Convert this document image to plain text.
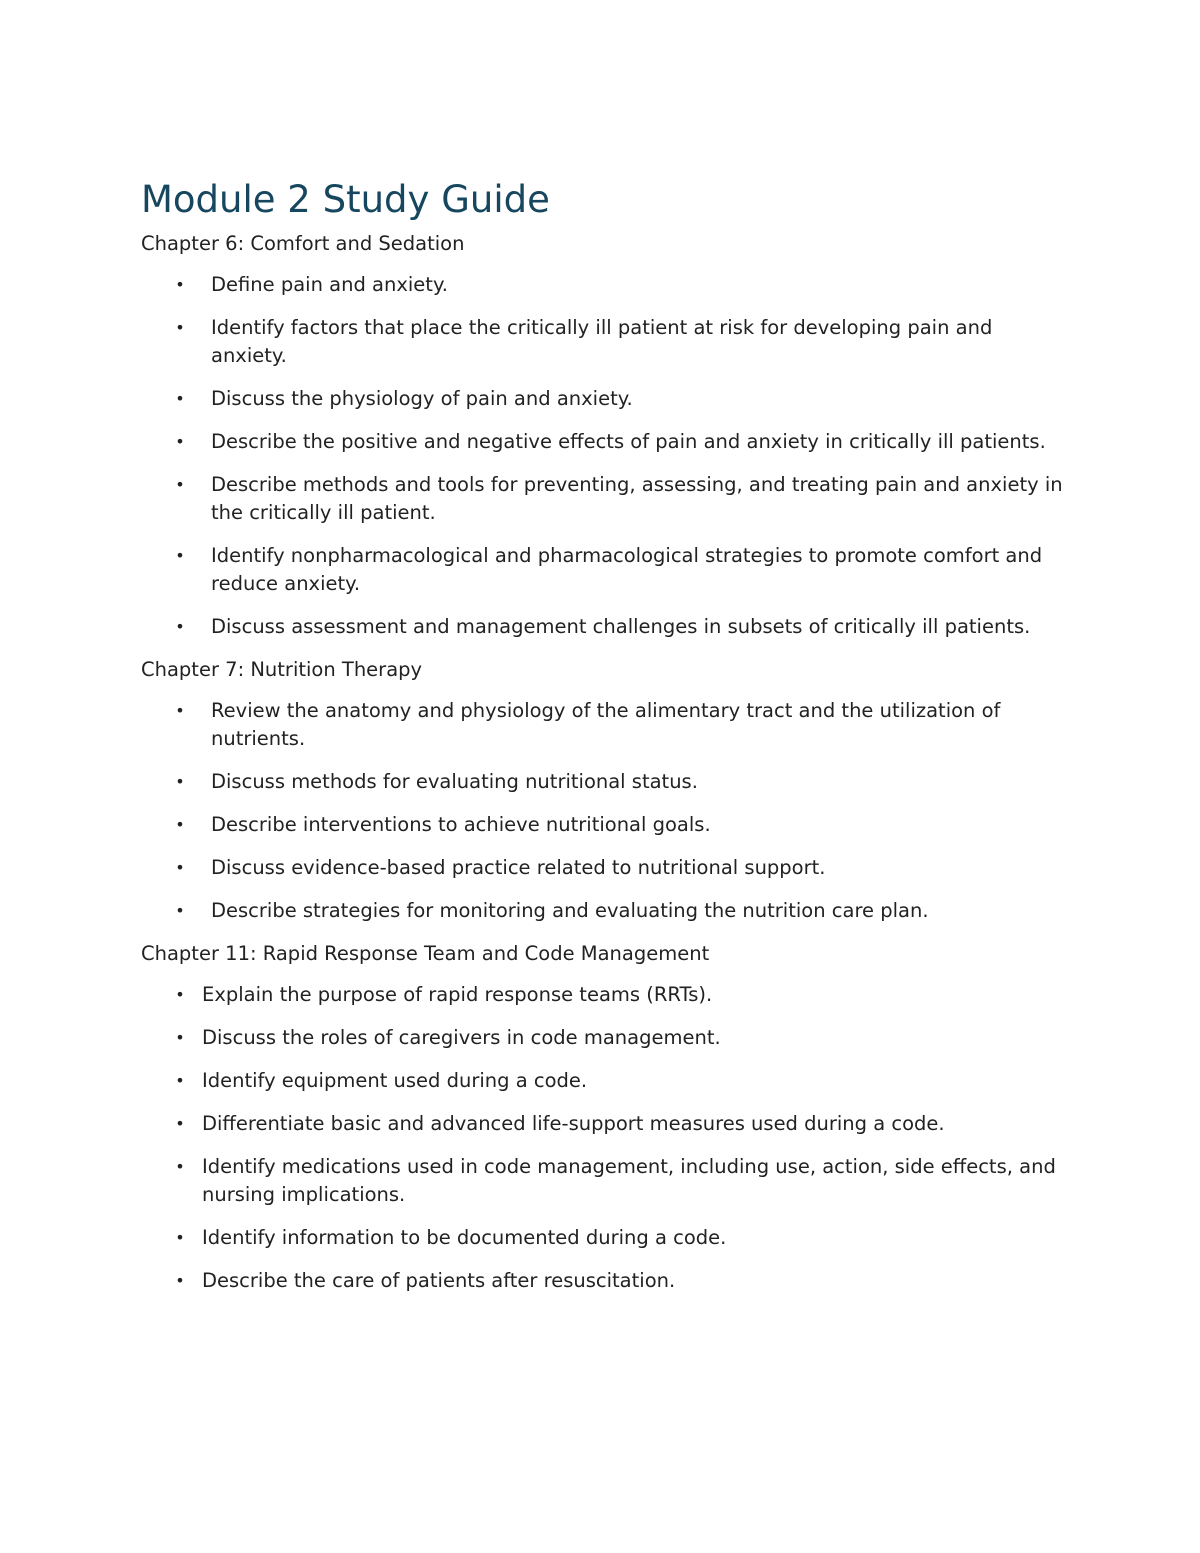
Module 2 Study Guide
Chapter 6: Comfort and Sedation
• Define pain and anxiety.
• Identify factors that place the critically ill patient at risk for developing pain and anxiety.
• Discuss the physiology of pain and anxiety.
• Describe the positive and negative effects of pain and anxiety in critically ill patients.
• Describe methods and tools for preventing, assessing, and treating pain and anxiety in the critically ill patient.
• Identify nonpharmacological and pharmacological strategies to promote comfort and reduce anxiety.
• Discuss assessment and management challenges in subsets of critically ill patients.
Chapter 7: Nutrition Therapy
• Review the anatomy and physiology of the alimentary tract and the utilization of nutrients.
• Discuss methods for evaluating nutritional status.
• Describe interventions to achieve nutritional goals.
• Discuss evidence-based practice related to nutritional support.
• Describe strategies for monitoring and evaluating the nutrition care plan.
Chapter 11: Rapid Response Team and Code Management
• Explain the purpose of rapid response teams (RRTs).
• Discuss the roles of caregivers in code management.
• Identify equipment used during a code.
• Differentiate basic and advanced life-support measures used during a code.
• Identify medications used in code management, including use, action, side effects, and nursing implications.
• Identify information to be documented during a code.
• Describe the care of patients after resuscitation.
